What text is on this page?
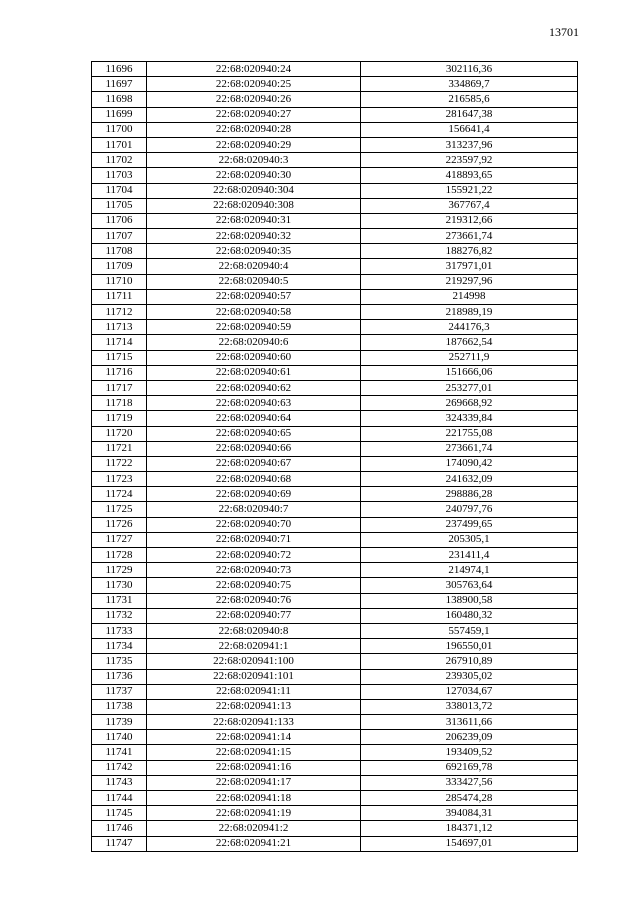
13701
11696	22:68:020940:24	302116,36
11697	22:68:020940:25	334869,7
11698	22:68:020940:26	216585,6
11699	22:68:020940:27	281647,38
11700	22:68:020940:28	156641,4
11701	22:68:020940:29	313237,96
11702	22:68:020940:3	223597,92
11703	22:68:020940:30	418893,65
11704	22:68:020940:304	155921,22
11705	22:68:020940:308	367767,4
11706	22:68:020940:31	219312,66
11707	22:68:020940:32	273661,74
11708	22:68:020940:35	188276,82
11709	22:68:020940:4	317971,01
11710	22:68:020940:5	219297,96
11711	22:68:020940:57	214998
11712	22:68:020940:58	218989,19
11713	22:68:020940:59	244176,3
11714	22:68:020940:6	187662,54
11715	22:68:020940:60	252711,9
11716	22:68:020940:61	151666,06
11717	22:68:020940:62	253277,01
11718	22:68:020940:63	269668,92
11719	22:68:020940:64	324339,84
11720	22:68:020940:65	221755,08
11721	22:68:020940:66	273661,74
11722	22:68:020940:67	174090,42
11723	22:68:020940:68	241632,09
11724	22:68:020940:69	298886,28
11725	22:68:020940:7	240797,76
11726	22:68:020940:70	237499,65
11727	22:68:020940:71	205305,1
11728	22:68:020940:72	231411,4
11729	22:68:020940:73	214974,1
11730	22:68:020940:75	305763,64
11731	22:68:020940:76	138900,58
11732	22:68:020940:77	160480,32
11733	22:68:020940:8	557459,1
11734	22:68:020941:1	196550,01
11735	22:68:020941:100	267910,89
11736	22:68:020941:101	239305,02
11737	22:68:020941:11	127034,67
11738	22:68:020941:13	338013,72
11739	22:68:020941:133	313611,66
11740	22:68:020941:14	206239,09
11741	22:68:020941:15	193409,52
11742	22:68:020941:16	692169,78
11743	22:68:020941:17	333427,56
11744	22:68:020941:18	285474,28
11745	22:68:020941:19	394084,31
11746	22:68:020941:2	184371,12
11747	22:68:020941:21	154697,01
